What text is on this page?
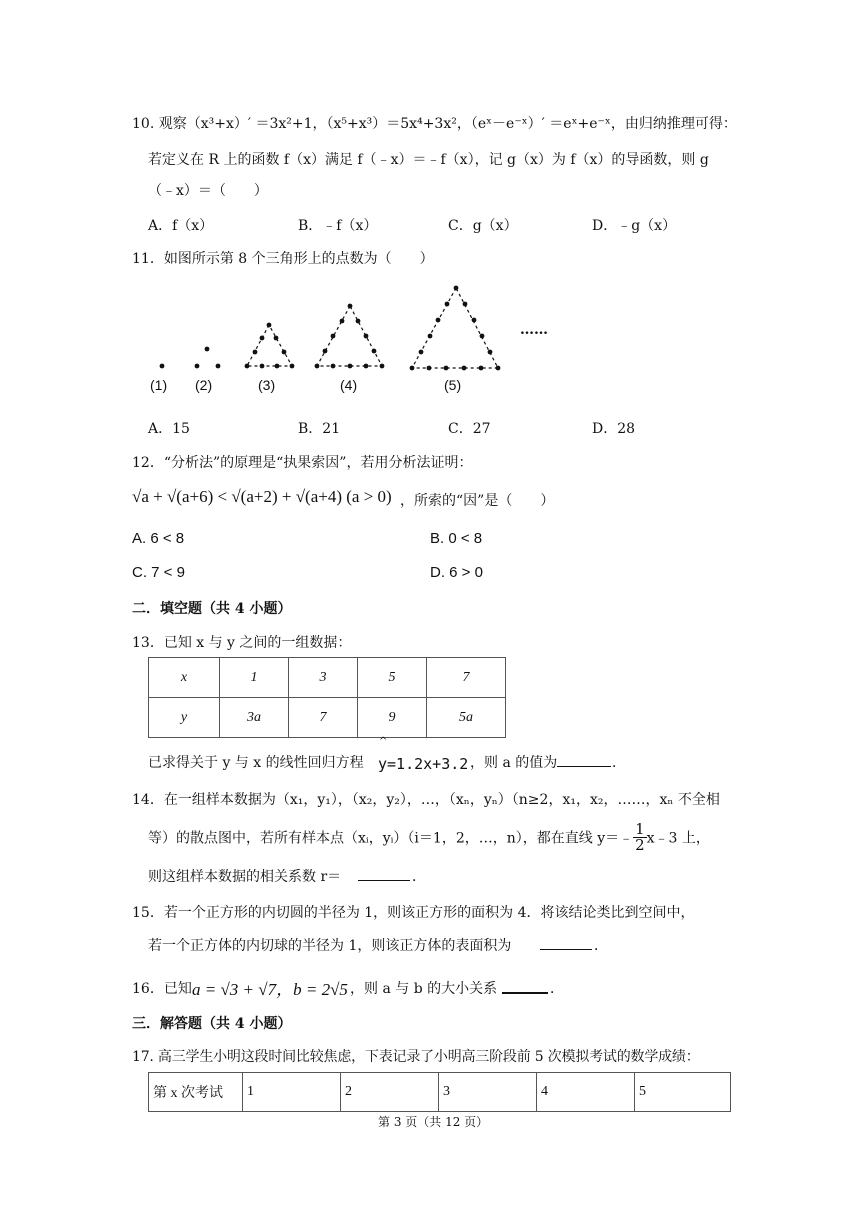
10. 观察（x³+x）′ ＝3x²+1，（x⁵+x³）＝5x⁴+3x²，（eˣ－e⁻ˣ）′ ＝eˣ+e⁻ˣ，由归纳推理可得：
若定义在 R 上的函数 f（x）满足 f（﹣x）＝﹣f（x），记 g（x）为 f（x）的导函数，则 g
（﹣x）＝（　　）
A．f（x）	B．﹣f（x）	C．g（x）	D．﹣g（x）
11．如图所示第 8 个三角形上的点数为（　　）
(1) (2)	(3)	(4)	(5)
……
A．15	B．21	C．27	D．28
12．“分析法”的原理是“执果索因”，若用分析法证明：
√a + √(a+6) < √(a+2) + √(a+4) (a > 0) ，所索的“因”是（　　）
A. 6 < 8	B. 0 < 8
C. 7 < 9	D. 6 > 0
二．填空题（共 4 小题）
13．已知 x 与 y 之间的一组数据：
x	1	3	5	7
y	3a	7	9	5a
^
已求得关于 y 与 x 的线性回归方程 y=1.2x+3.2 ，则 a 的值为	．
14．在一组样本数据为（x₁，y₁），（x₂，y₂），…，（xₙ，yₙ）（n≥2，x₁，x₂，……，xₙ 不全相
等）的散点图中，若所有样本点（xᵢ，yᵢ）（i＝1，2，…，n），都在直线 y＝﹣ $\frac{1}{2}$ x﹣3 上，
则这组样本数据的相关系数 r＝	．
15．若一个正方形的内切圆的半径为 1，则该正方形的面积为 4．将该结论类比到空间中，
若一个正方体的内切球的半径为 1，则该正方体的表面积为	．
16．已知 a = √3 + √7，b = 2√5 ，则 a 与 b 的大小关系	．
三．解答题（共 4 小题）
17. 高三学生小明这段时间比较焦虑，下表记录了小明高三阶段前 5 次模拟考试的数学成绩：
第 x 次考试	1	2	3	4	5
第 3 页（共 12 页）
